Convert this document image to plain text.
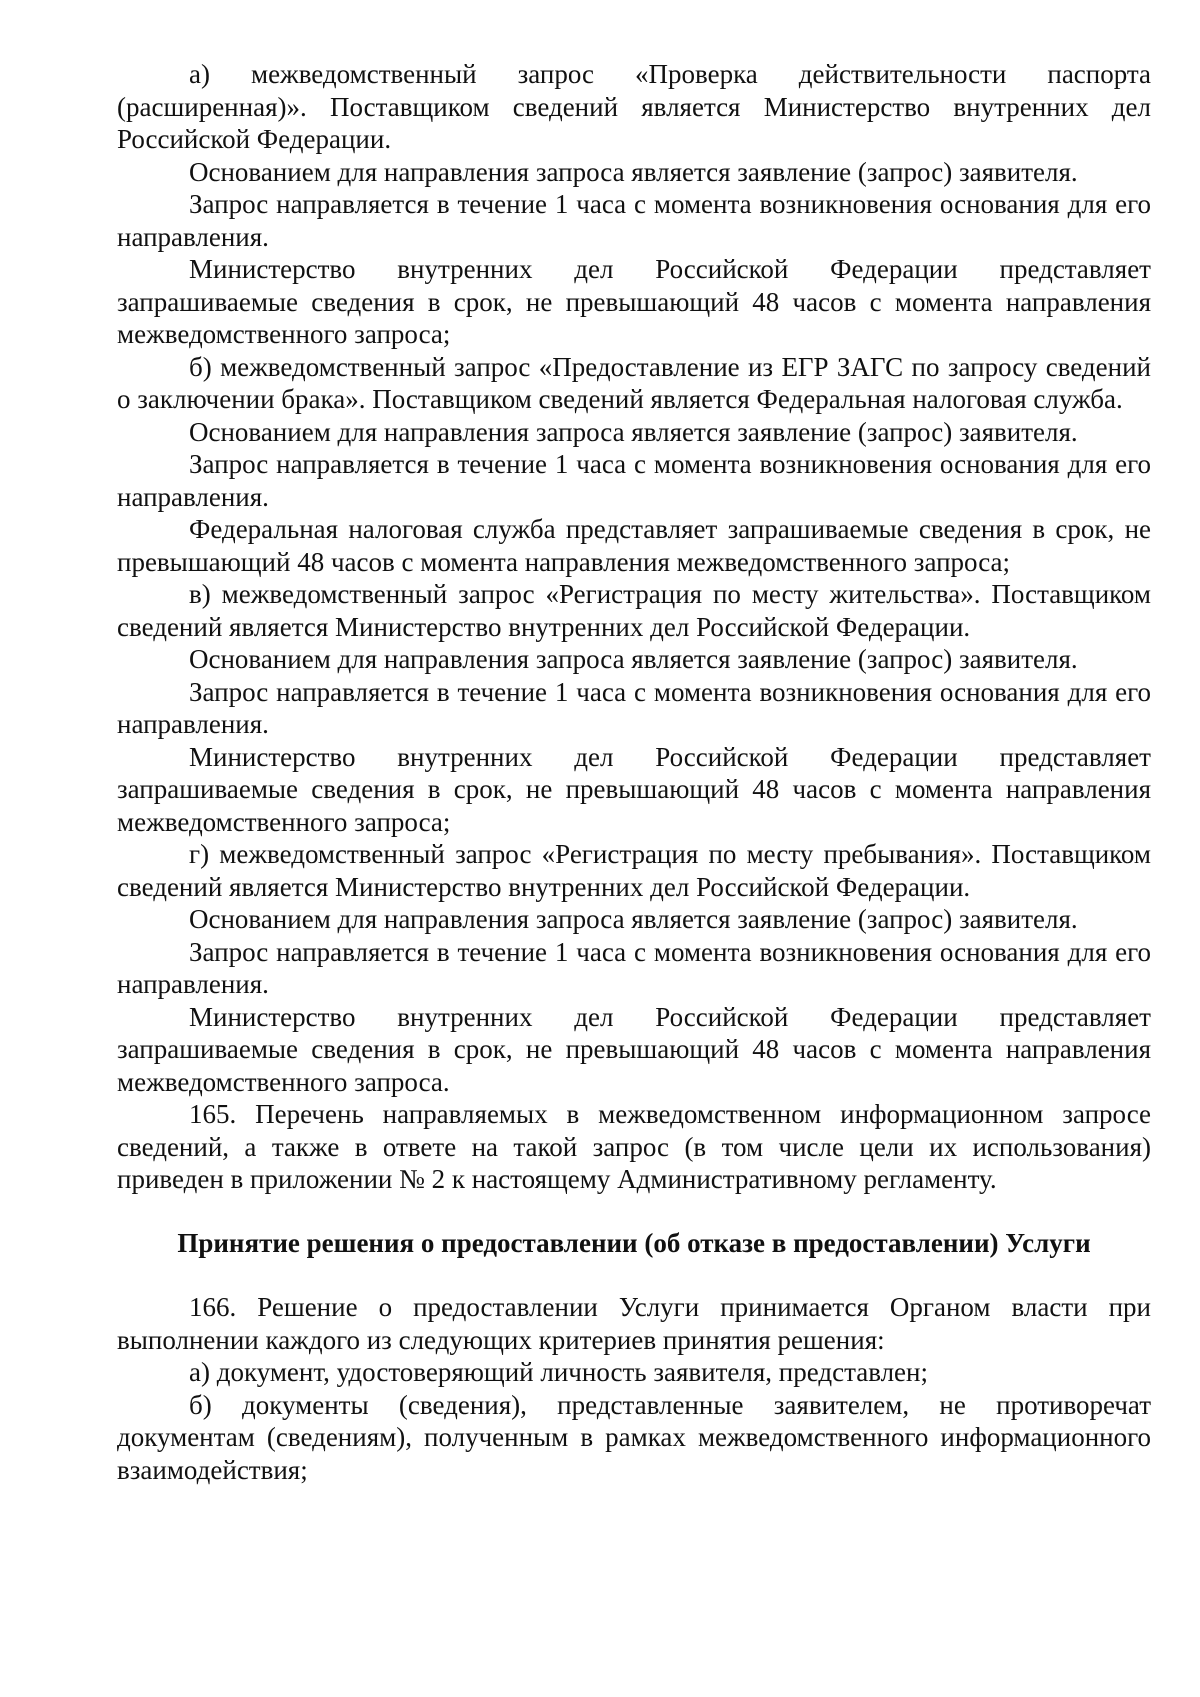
а) межведомственный запрос «Проверка действительности паспорта (расширенная)». Поставщиком сведений является Министерство внутренних дел Российской Федерации.

Основанием для направления запроса является заявление (запрос) заявителя.

Запрос направляется в течение 1 часа с момента возникновения основания для его направления.

Министерство внутренних дел Российской Федерации представляет запрашиваемые сведения в срок, не превышающий 48 часов с момента направления межведомственного запроса;

б) межведомственный запрос «Предоставление из ЕГР ЗАГС по запросу сведений о заключении брака». Поставщиком сведений является Федеральная налоговая служба.

Основанием для направления запроса является заявление (запрос) заявителя.

Запрос направляется в течение 1 часа с момента возникновения основания для его направления.

Федеральная налоговая служба представляет запрашиваемые сведения в срок, не превышающий 48 часов с момента направления межведомственного запроса;

в) межведомственный запрос «Регистрация по месту жительства». Поставщиком сведений является Министерство внутренних дел Российской Федерации.

Основанием для направления запроса является заявление (запрос) заявителя.

Запрос направляется в течение 1 часа с момента возникновения основания для его направления.

Министерство внутренних дел Российской Федерации представляет запрашиваемые сведения в срок, не превышающий 48 часов с момента направления межведомственного запроса;

г) межведомственный запрос «Регистрация по месту пребывания». Поставщиком сведений является Министерство внутренних дел Российской Федерации.

Основанием для направления запроса является заявление (запрос) заявителя.

Запрос направляется в течение 1 часа с момента возникновения основания для его направления.

Министерство внутренних дел Российской Федерации представляет запрашиваемые сведения в срок, не превышающий 48 часов с момента направления межведомственного запроса.

165. Перечень направляемых в межведомственном информационном запросе сведений, а также в ответе на такой запрос (в том числе цели их использования) приведен в приложении № 2 к настоящему Административному регламенту.

Принятие решения о предоставлении (об отказе в предоставлении) Услуги

166. Решение о предоставлении Услуги принимается Органом власти при выполнении каждого из следующих критериев принятия решения:

а) документ, удостоверяющий личность заявителя, представлен;

б) документы (сведения), представленные заявителем, не противоречат документам (сведениям), полученным в рамках межведомственного информационного взаимодействия;
